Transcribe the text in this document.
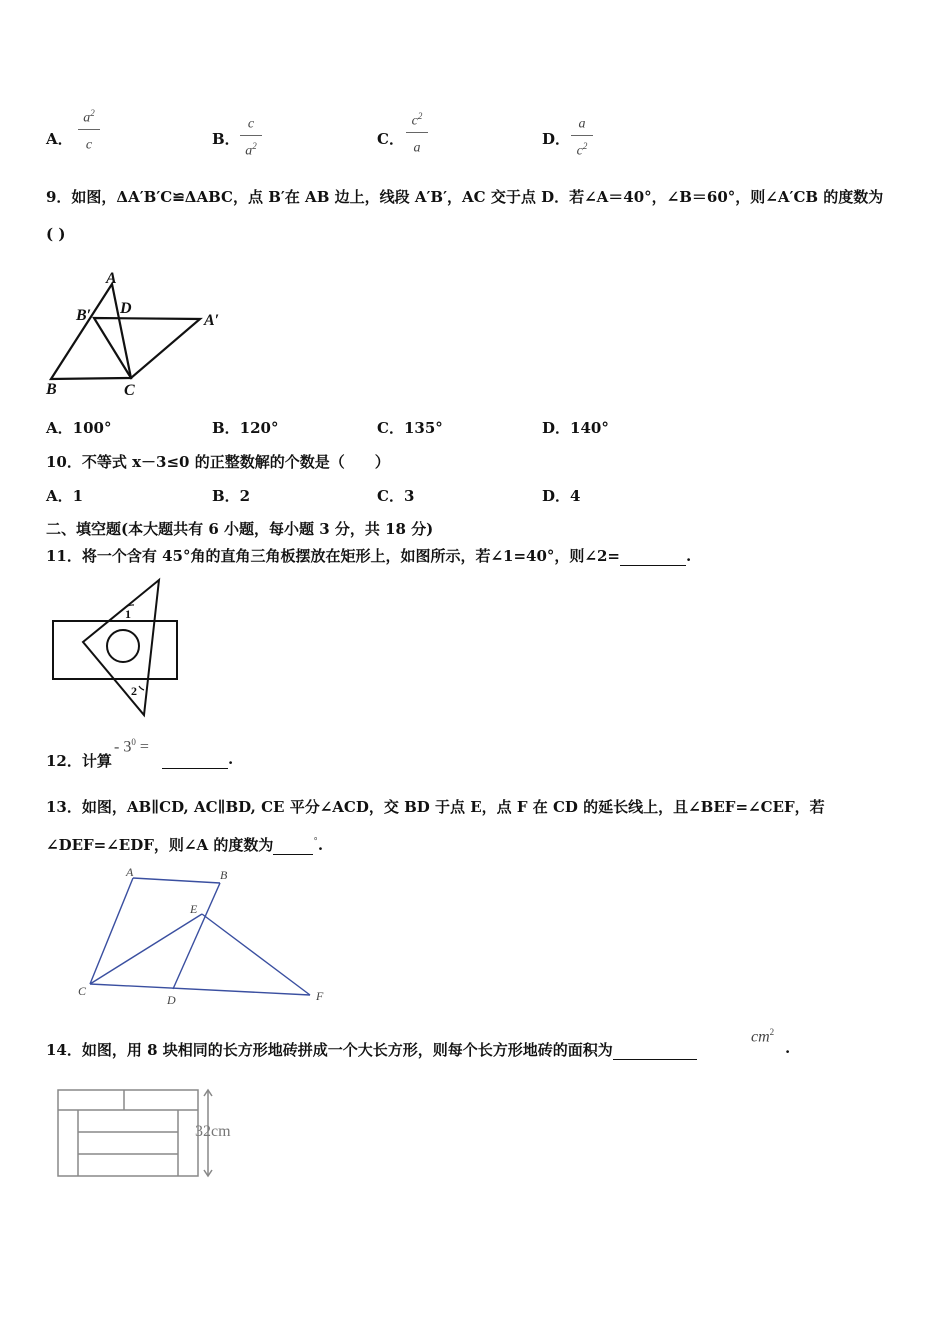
A．
$a^2$
c	B．
c
$a^2$	C．
$c^2$
a	D．
a
$c^2$
9．如图，ΔA′B′C≌ΔABC，点 B′在 AB 边上，线段 A′B′，AC 交于点 D．若∠A＝40°，∠B＝60°，则∠A′CB 的度数为
( )
A
B′ D
A′
B	C
A．100°	B．120°	C．135°	D．140°
10．不等式 x－3≤0 的正整数解的个数是（　　）
A．1	B．2	C．3	D．4
二、填空题(本大题共有 6 小题，每小题 3 分，共 18 分)
11．将一个含有 45°角的直角三角板摆放在矩形上，如图所示，若∠1=40°，则∠2=	.
1
2
12．计算
- $3^0$ =
.
13．如图，AB∥CD, AC∥BD, CE 平分∠ACD，交 BD 于点 E，点 F 在 CD 的延长线上，且∠BEF=∠CEF，若
∠DEF=∠EDF，则∠A 的度数为	°.
A	B
E
C
D	F
14．如图，用 8 块相同的长方形地砖拼成一个大长方形，则每个长方形地砖的面积为
$cm^2$
.
32cm
